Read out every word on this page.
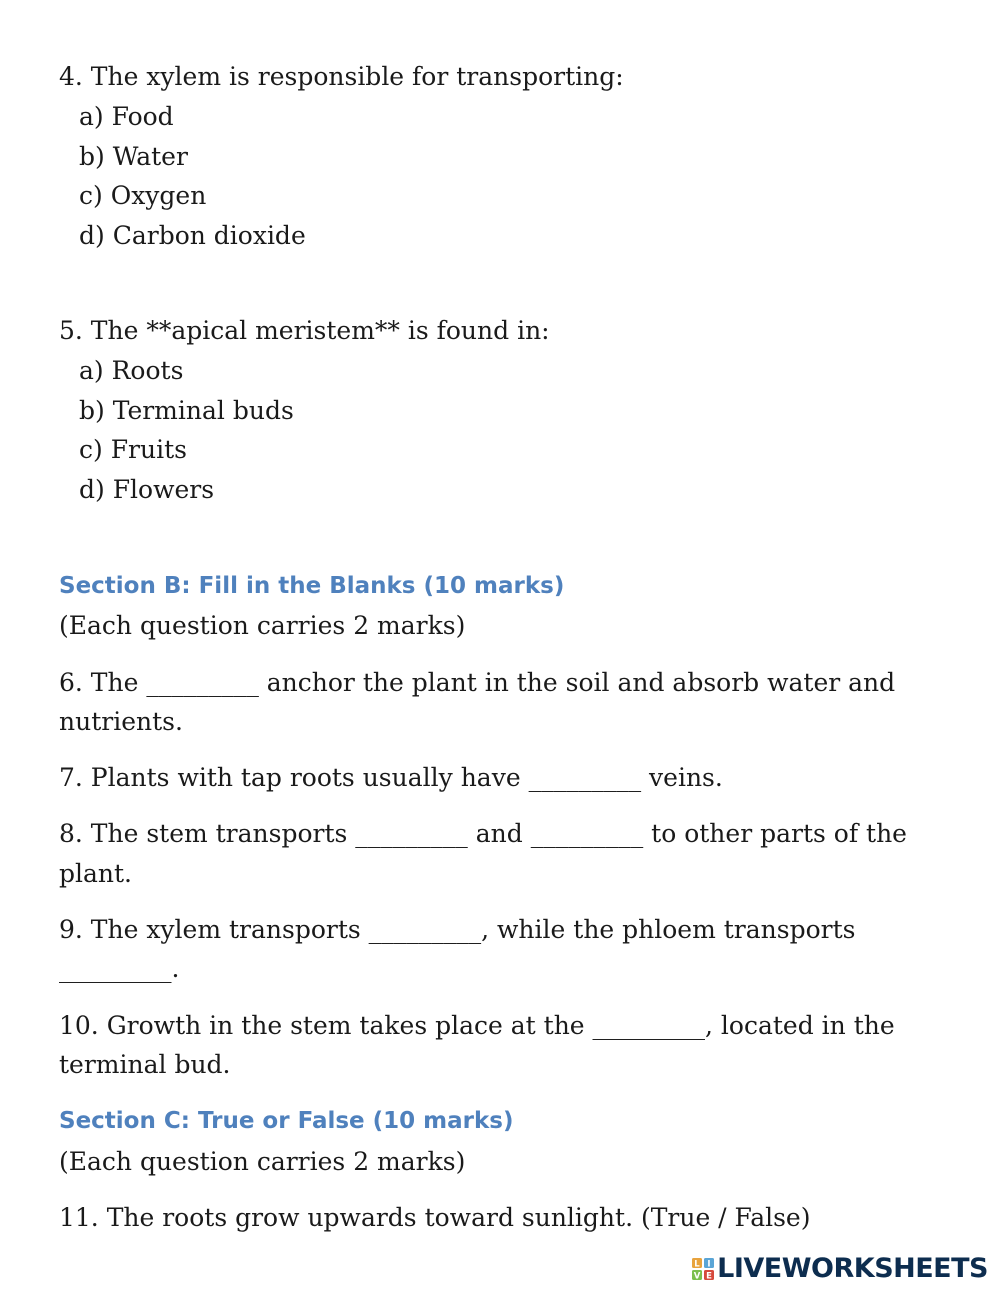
4. The xylem is responsible for transporting:

a) Food

b) Water

c) Oxygen

d) Carbon dioxide

5. The **apical meristem** is found in:

a) Roots

b) Terminal buds

c) Fruits

d) Flowers

Section B: Fill in the Blanks (10 marks)

(Each question carries 2 marks)

6. The _________ anchor the plant in the soil and absorb water and

nutrients.

7. Plants with tap roots usually have _________ veins.

8. The stem transports _________ and _________ to other parts of the

plant.

9. The xylem transports _________, while the phloem transports

_________.

10. Growth in the stem takes place at the _________, located in the

terminal bud.

Section C: True or False (10 marks)

(Each question carries 2 marks)

11. The roots grow upwards toward sunlight. (True / False)

L I
V E LIVEWORKSHEETS
